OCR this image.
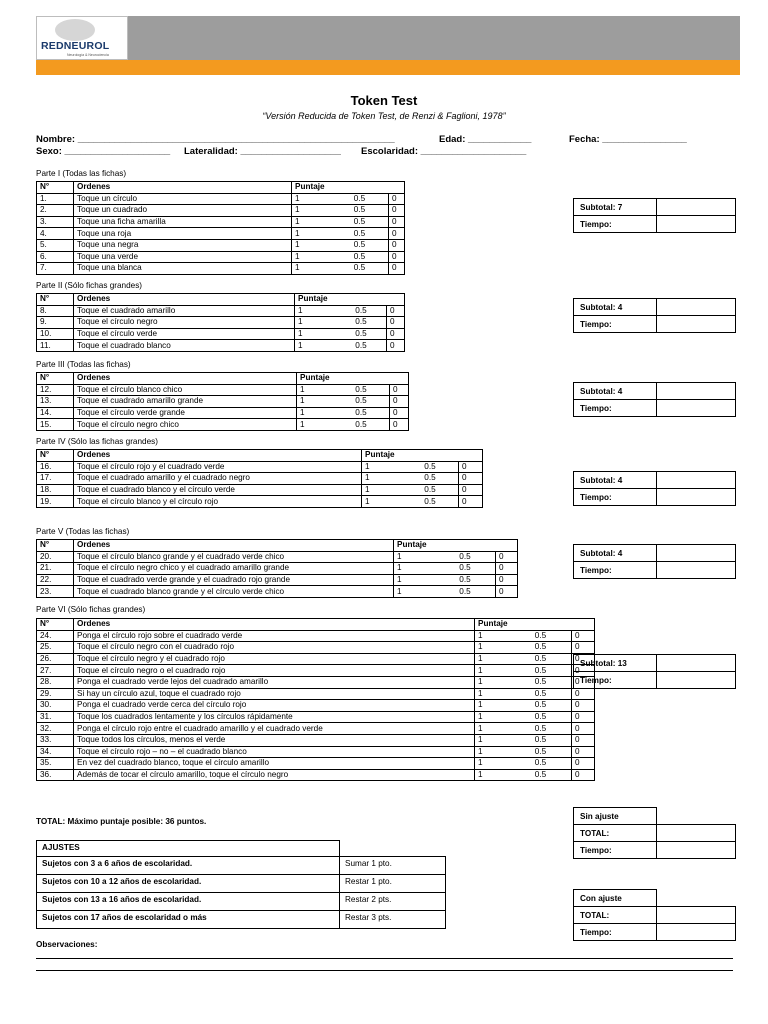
REDNEUROL
Neurología & Neurociencia
Token Test
“Versión Reducida de Token Test, de Renzi & Faglioni, 1978”
Nombre: ____________________________________________________________	Edad: ____________	Fecha: ________________
Sexo: ____________________ Lateralidad: ___________________ Escolaridad: ____________________
Parte I (Todas las fichas)
N°	Ordenes	Puntaje		
1.	Toque un círculo	1	0.5	0
2.	Toque un cuadrado	1	0.5	0
3.	Toque una ficha amarilla	1	0.5	0
4.	Toque una roja	1	0.5	0
5.	Toque una negra	1	0.5	0
6.	Toque una verde	1	0.5	0
7.	Toque una blanca	1	0.5	0
Parte II (Sólo fichas grandes)
N°	Ordenes	Puntaje		
8.	Toque el cuadrado amarillo	1	0.5	0
9.	Toque el círculo negro	1	0.5	0
10.	Toque el círculo verde	1	0.5	0
11.	Toque el cuadrado blanco	1	0.5	0
Parte III (Todas las fichas)
N°	Ordenes	Puntaje		
12.	Toque el círculo blanco chico	1	0.5	0
13.	Toque el cuadrado amarillo grande	1	0.5	0
14.	Toque el círculo verde grande	1	0.5	0
15.	Toque el círculo negro chico	1	0.5	0
Parte IV (Sólo las fichas grandes)
N°	Ordenes	Puntaje		
16.	Toque el círculo rojo y el cuadrado verde	1	0.5	0
17.	Toque el cuadrado amarillo y el cuadrado negro	1	0.5	0
18.	Toque el cuadrado blanco y el círculo verde	1	0.5	0
19.	Toque el círculo blanco y el círculo rojo	1	0.5	0
Parte V (Todas las fichas)
N°	Ordenes	Puntaje		
20.	Toque el círculo blanco grande y el cuadrado verde chico	1	0.5	0
21.	Toque el círculo negro chico y el cuadrado amarillo grande	1	0.5	0
22.	Toque el cuadrado verde grande y el cuadrado rojo grande	1	0.5	0
23.	Toque el cuadrado blanco grande y el círculo verde chico	1	0.5	0
Parte VI (Sólo fichas grandes)
N°	Ordenes	Puntaje		
24.	Ponga el círculo rojo sobre el cuadrado verde	1	0.5	0
25.	Toque el círculo negro con el cuadrado rojo	1	0.5	0
26.	Toque el círculo negro y el cuadrado rojo	1	0.5	0
27.	Toque el círculo negro o el cuadrado rojo	1	0.5	0
28.	Ponga el cuadrado verde lejos del cuadrado amarillo	1	0.5	0
29.	Si hay un círculo azul, toque el cuadrado rojo	1	0.5	0
30.	Ponga el cuadrado verde cerca del círculo rojo	1	0.5	0
31.	Toque los cuadrados lentamente y los círculos rápidamente	1	0.5	0
32.	Ponga el círculo rojo entre el cuadrado amarillo y el cuadrado verde	1	0.5	0
33.	Toque todos los círculos, menos el verde	1	0.5	0
34.	Toque el círculo rojo – no – el cuadrado blanco	1	0.5	0
35.	En vez del cuadrado blanco, toque el círculo amarillo	1	0.5	0
36.	Además de tocar el círculo amarillo, toque el círculo negro	1	0.5	0
Subtotal: 7	
Tiempo:	
Subtotal: 4	
Tiempo:	
Subtotal: 4	
Tiempo:	
Subtotal: 4	
Tiempo:	
Subtotal: 4	
Tiempo:	
Subtotal: 13	
Tiempo:	
Sin ajuste	
TOTAL:	
Tiempo:	
Con ajuste	
TOTAL:	
Tiempo:	
TOTAL: Máximo puntaje posible: 36 puntos.
AJUSTES	
Sujetos con 3 a 6 años de escolaridad.	Sumar 1 pto.
Sujetos con 10 a 12 años de escolaridad.	Restar 1 pto.
Sujetos con 13 a 16 años de escolaridad.	Restar 2 pts.
Sujetos con 17 años de escolaridad o más	Restar 3 pts.
Observaciones:
